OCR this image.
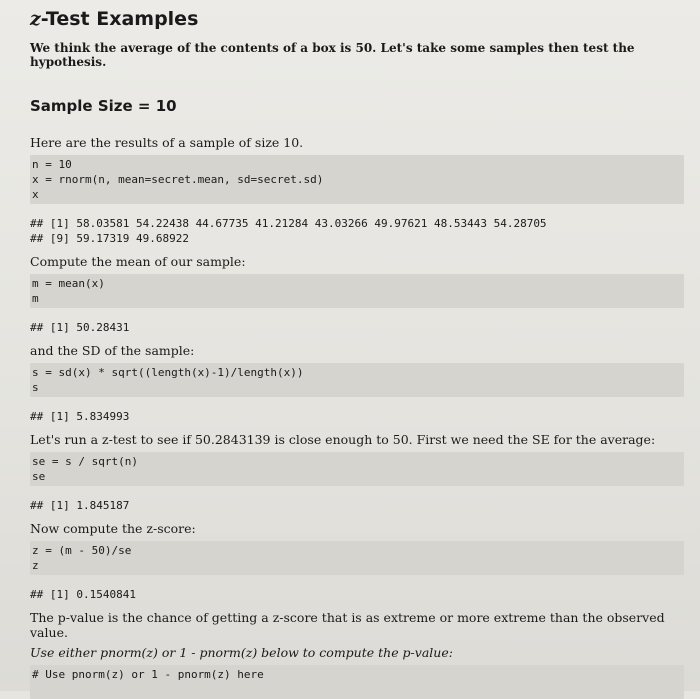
z-Test Examples
We think the average of the contents of a box is 50. Let's take some samples then test the hypothesis.
Sample Size = 10
Here are the results of a sample of size 10.
n = 10
x = rnorm(n, mean=secret.mean, sd=secret.sd)
x
## [1] 58.03581 54.22438 44.67735 41.21284 43.03266 49.97621 48.53443 54.28705
## [9] 59.17319 49.68922
Compute the mean of our sample:
m = mean(x)
m
## [1] 50.28431
and the SD of the sample:
s = sd(x) * sqrt((length(x)-1)/length(x))
s
## [1] 5.834993
Let's run a z-test to see if 50.2843139 is close enough to 50. First we need the SE for the average:
se = s / sqrt(n)
se
## [1] 1.845187
Now compute the z-score:
z = (m - 50)/se
z
## [1] 0.1540841
The p-value is the chance of getting a z-score that is as extreme or more extreme than the observed value.
Use either pnorm(z) or 1 - pnorm(z) below to compute the p-value:
# Use pnorm(z) or 1 - pnorm(z) here
